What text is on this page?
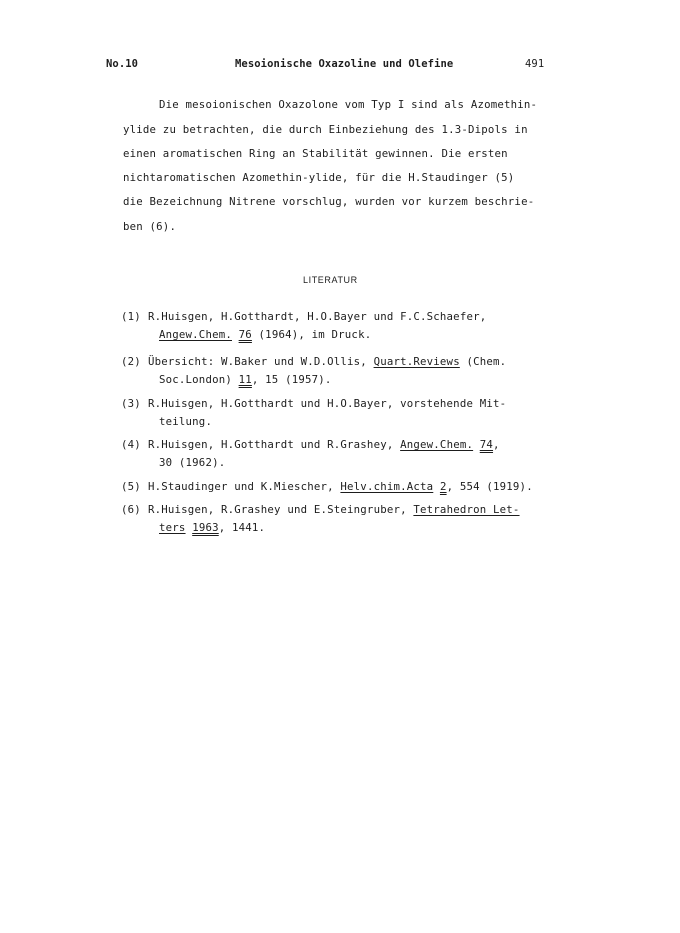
No.10	Mesoionische Oxazoline und Olefine	491
Die mesoionischen Oxazolone vom Typ I sind als Azomethin-
ylide zu betrachten, die durch Einbeziehung des 1.3-Dipols in
einen aromatischen Ring an Stabilität gewinnen. Die ersten
nichtaromatischen Azomethin-ylide, für die H.Staudinger (5)
die Bezeichnung Nitrene vorschlug, wurden vor kurzem beschrie-
ben (6).
LITERATUR
(1) R.Huisgen, H.Gotthardt, H.O.Bayer und F.C.Schaefer,
Angew.Chem. 76 (1964), im Druck.
(2) Übersicht: W.Baker und W.D.Ollis, Quart.Reviews (Chem.
Soc.London) 11, 15 (1957).
(3) R.Huisgen, H.Gotthardt und H.O.Bayer, vorstehende Mit-
teilung.
(4) R.Huisgen, H.Gotthardt und R.Grashey, Angew.Chem. 74,
30 (1962).
(5) H.Staudinger und K.Miescher, Helv.chim.Acta 2, 554 (1919).
(6) R.Huisgen, R.Grashey und E.Steingruber, Tetrahedron Let-
ters 1963, 1441.
